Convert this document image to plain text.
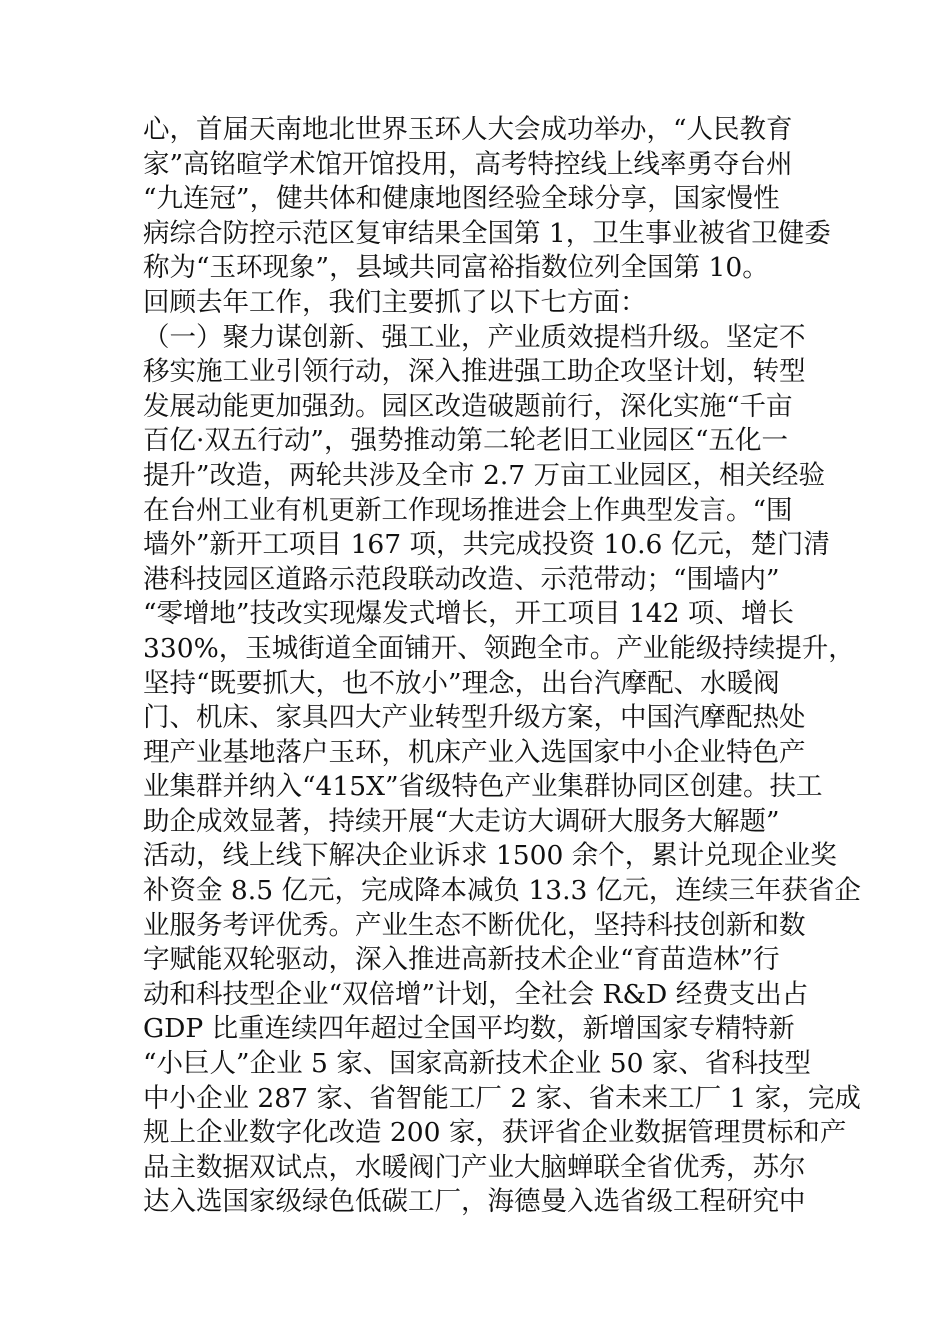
心，首届天南地北世界玉环人大会成功举办，“人民教育
家”高铭暄学术馆开馆投用，高考特控线上线率勇夺台州
“九连冠”，健共体和健康地图经验全球分享，国家慢性
病综合防控示范区复审结果全国第 1，卫生事业被省卫健委
称为“玉环现象”，县域共同富裕指数位列全国第 10。
回顾去年工作，我们主要抓了以下七方面：
（一）聚力谋创新、强工业，产业质效提档升级。坚定不
移实施工业引领行动，深入推进强工助企攻坚计划，转型
发展动能更加强劲。园区改造破题前行，深化实施“千亩
百亿·双五行动”，强势推动第二轮老旧工业园区“五化一
提升”改造，两轮共涉及全市 2.7 万亩工业园区，相关经验
在台州工业有机更新工作现场推进会上作典型发言。“围
墙外”新开工项目 167 项，共完成投资 10.6 亿元，楚门清
港科技园区道路示范段联动改造、示范带动；“围墙内”
“零增地”技改实现爆发式增长，开工项目 142 项、增长
330%，玉城街道全面铺开、领跑全市。产业能级持续提升，
坚持“既要抓大，也不放小”理念，出台汽摩配、水暖阀
门、机床、家具四大产业转型升级方案，中国汽摩配热处
理产业基地落户玉环，机床产业入选国家中小企业特色产
业集群并纳入“415X”省级特色产业集群协同区创建。扶工
助企成效显著，持续开展“大走访大调研大服务大解题”
活动，线上线下解决企业诉求 1500 余个，累计兑现企业奖
补资金 8.5 亿元，完成降本减负 13.3 亿元，连续三年获省企
业服务考评优秀。产业生态不断优化，坚持科技创新和数
字赋能双轮驱动，深入推进高新技术企业“育苗造林”行
动和科技型企业“双倍增”计划，全社会 R&D 经费支出占
GDP 比重连续四年超过全国平均数，新增国家专精特新
“小巨人”企业 5 家、国家高新技术企业 50 家、省科技型
中小企业 287 家、省智能工厂 2 家、省未来工厂 1 家，完成
规上企业数字化改造 200 家，获评省企业数据管理贯标和产
品主数据双试点，水暖阀门产业大脑蝉联全省优秀，苏尔
达入选国家级绿色低碳工厂，海德曼入选省级工程研究中
